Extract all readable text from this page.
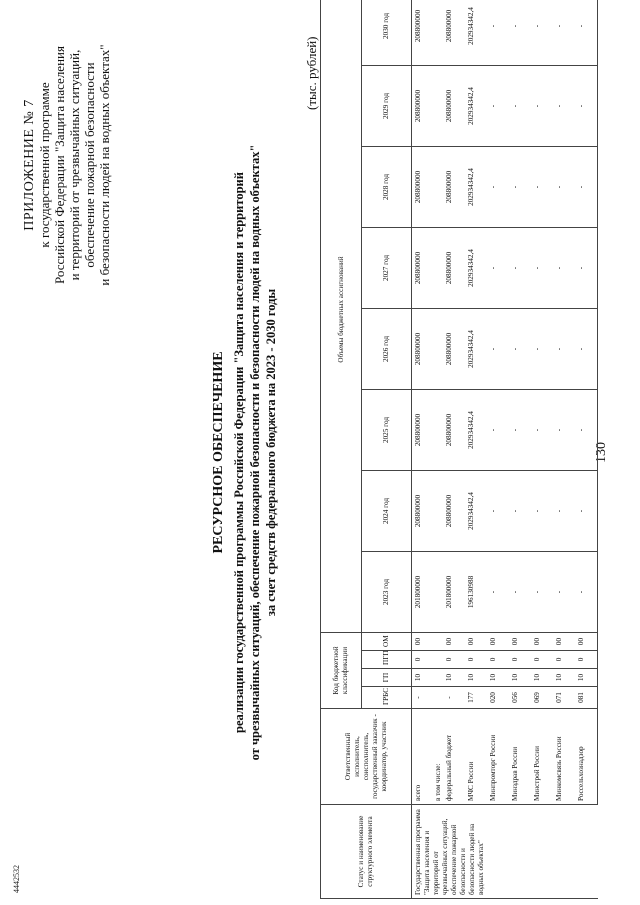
130
4442532
ПРИЛОЖЕНИЕ № 7 к государственной программе Российской Федерации "Защита населения и территорий от чрезвычайных ситуаций, обеспечение пожарной безопасности и безопасности людей на водных объектах"
РЕСУРСНОЕ ОБЕСПЕЧЕНИЕ реализации государственной программы Российской Федерации "Защита населения и территорий от чрезвычайных ситуаций, обеспечение пожарной безопасности и безопасности людей на водных объектах" за счет средств федерального бюджета на 2023 - 2030 годы
(тыс. рублей)
Статус и наименование структурного элемента	Ответственный исполнитель, соисполнитель, государственный заказчик - координатор, участник	Код бюджетной классификации				Объемы бюджетных ассигнований							
		ГРБС	ГП	ПГП	ОМ	2023 год	2024 год	2025 год	2026 год	2027 год	2028 год	2029 год	2030 год
Государственная программа "Защита населения и территорий от чрезвычайных ситуаций, обеспечение пожарной безопасности и безопасности людей на водных объектах"	всего	-	10	0	00	201800000	208800000	208800000	208800000	208800000	208800000	208800000	208800000
	в том числе:												
	федеральный бюджет	-	10	0	00	201800000	208800000	208800000	208800000	208800000	208800000	208800000	208800000
	МЧС России	177	10	0	00	196130988	202934342,4	202934342,4	202934342,4	202934342,4	202934342,4	202934342,4	202934342,4
	Минпромторг России	020	10	0	00	-	-	-	-	-	-	-	-
	Минздрав России	056	10	0	00	-	-	-	-	-	-	-	-
	Минстрой России	069	10	0	00	-	-	-	-	-	-	-	-
	Минкомсвязь России	071	10	0	00	-	-	-	-	-	-	-	-
	Россельхознадзор	081	10	0	00	-	-	-	-	-	-	-	-
